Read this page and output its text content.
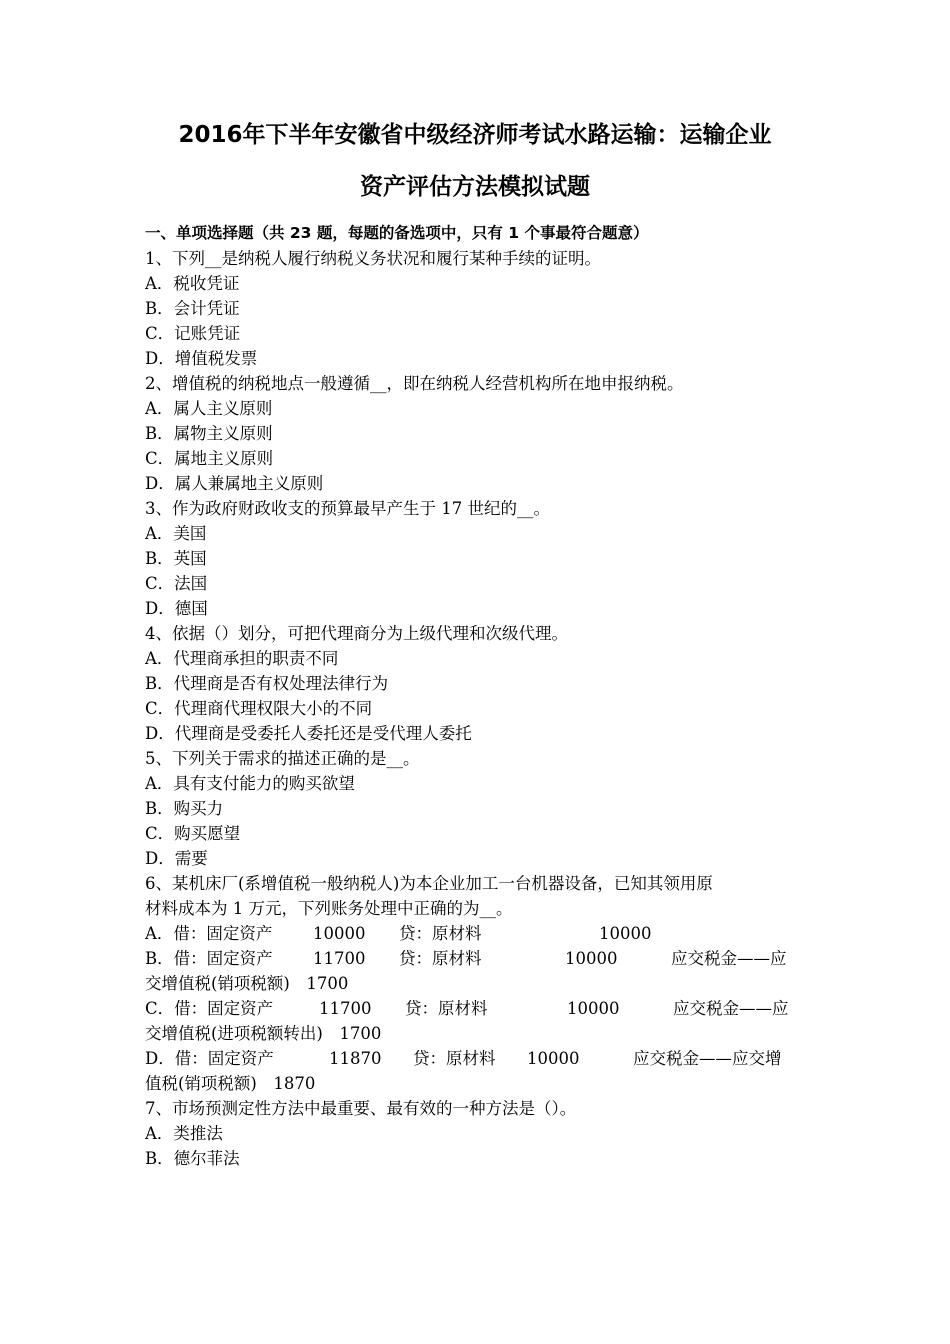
2016年下半年安徽省中级经济师考试水路运输：运输企业
资产评估方法模拟试题
一、单项选择题（共 23 题，每题的备选项中，只有 1 个事最符合题意）
1、下列__是纳税人履行纳税义务状况和履行某种手续的证明。
A．税收凭证
B．会计凭证
C．记账凭证
D．增值税发票
2、增值税的纳税地点一般遵循__，即在纳税人经营机构所在地申报纳税。
A．属人主义原则
B．属物主义原则
C．属地主义原则
D．属人兼属地主义原则
3、作为政府财政收支的预算最早产生于 17 世纪的__。
A．美国
B．英国
C．法国
D．德国
4、依据（）划分，可把代理商分为上级代理和次级代理。
A．代理商承担的职责不同
B．代理商是否有权处理法律行为
C．代理商代理权限大小的不同
D．代理商是受委托人委托还是受代理人委托
5、下列关于需求的描述正确的是__。
A．具有支付能力的购买欲望
B．购买力
C．购买愿望
D．需要
6、某机床厂(系增值税一般纳税人)为本企业加工一台机器设备，已知其领用原
材料成本为 1 万元，下列账务处理中正确的为__。
A．借：固定资产 10000 贷：原材料	10000
B．借：固定资产 11700 贷：原材料	10000	应交税金——应
交增值税(销项税额)　1700
C．借：固定资产	11700 贷：原材料	10000	应交税金——应
交增值税(进项税额转出)　1700
D．借：固定资产	11870 贷：原材料 10000	应交税金——应交增
值税(销项税额)　1870
7、市场预测定性方法中最重要、最有效的一种方法是（）。
A．类推法
B．德尔菲法
